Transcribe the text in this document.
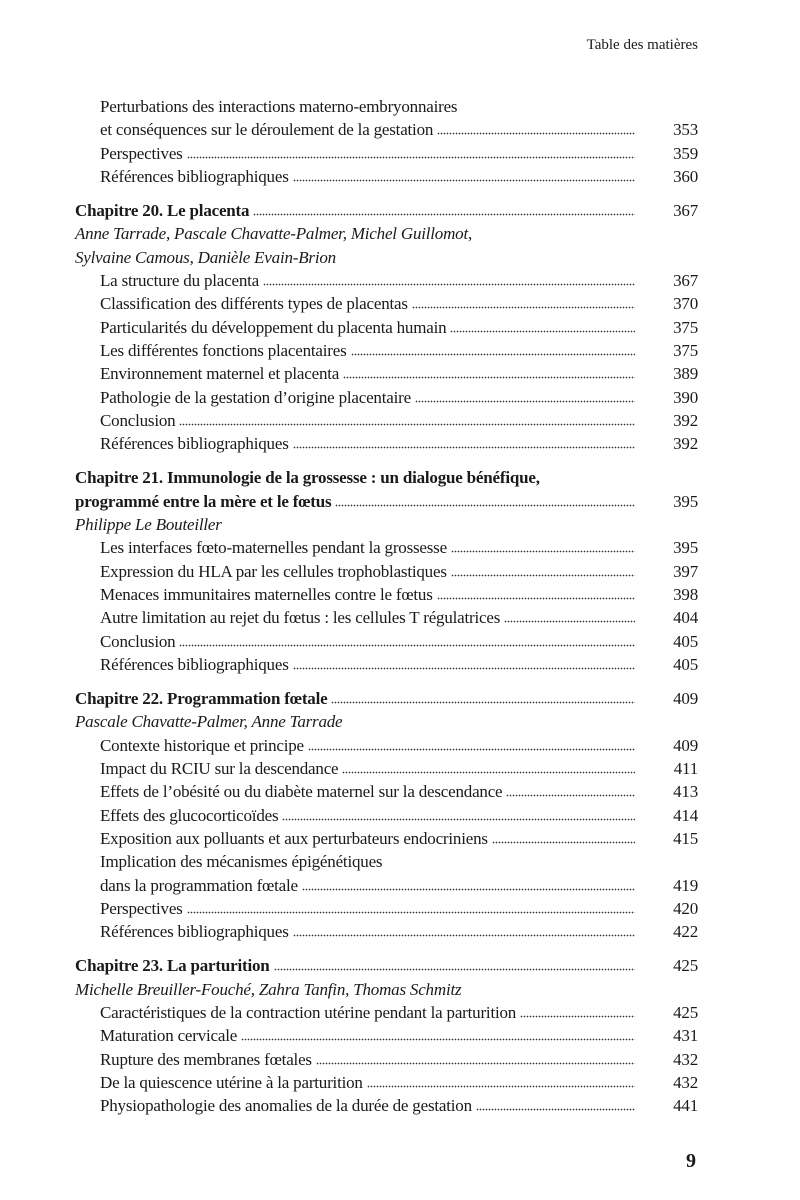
Table des matières
Perturbations des interactions materno-embryonnaires
et conséquences sur le déroulement de la gestation	353
Perspectives	359
Références bibliographiques	360
Chapitre 20. Le placenta	367
Anne Tarrade, Pascale Chavatte-Palmer, Michel Guillomot,
Sylvaine Camous, Danièle Evain-Brion
La structure du placenta	367
Classification des différents types de placentas	370
Particularités du développement du placenta humain	375
Les différentes fonctions placentaires	375
Environnement maternel et placenta	389
Pathologie de la gestation d’origine placentaire	390
Conclusion	392
Références bibliographiques	392
Chapitre 21. Immunologie de la grossesse : un dialogue bénéfique,
programmé entre la mère et le fœtus	395
Philippe Le Bouteiller
Les interfaces fœto-maternelles pendant la grossesse	395
Expression du HLA par les cellules trophoblastiques	397
Menaces immunitaires maternelles contre le fœtus	398
Autre limitation au rejet du fœtus : les cellules T régulatrices	404
Conclusion	405
Références bibliographiques	405
Chapitre 22. Programmation fœtale	409
Pascale Chavatte-Palmer, Anne Tarrade
Contexte historique et principe	409
Impact du RCIU sur la descendance	411
Effets de l’obésité ou du diabète maternel sur la descendance	413
Effets des glucocorticoïdes	414
Exposition aux polluants et aux perturbateurs endocriniens	415
Implication des mécanismes épigénétiques
dans la programmation fœtale	419
Perspectives	420
Références bibliographiques	422
Chapitre 23. La parturition	425
Michelle Breuiller-Fouché, Zahra Tanfin, Thomas Schmitz
Caractéristiques de la contraction utérine pendant la parturition	425
Maturation cervicale	431
Rupture des membranes fœtales	432
De la quiescence utérine à la parturition	432
Physiopathologie des anomalies de la durée de gestation	441
9
